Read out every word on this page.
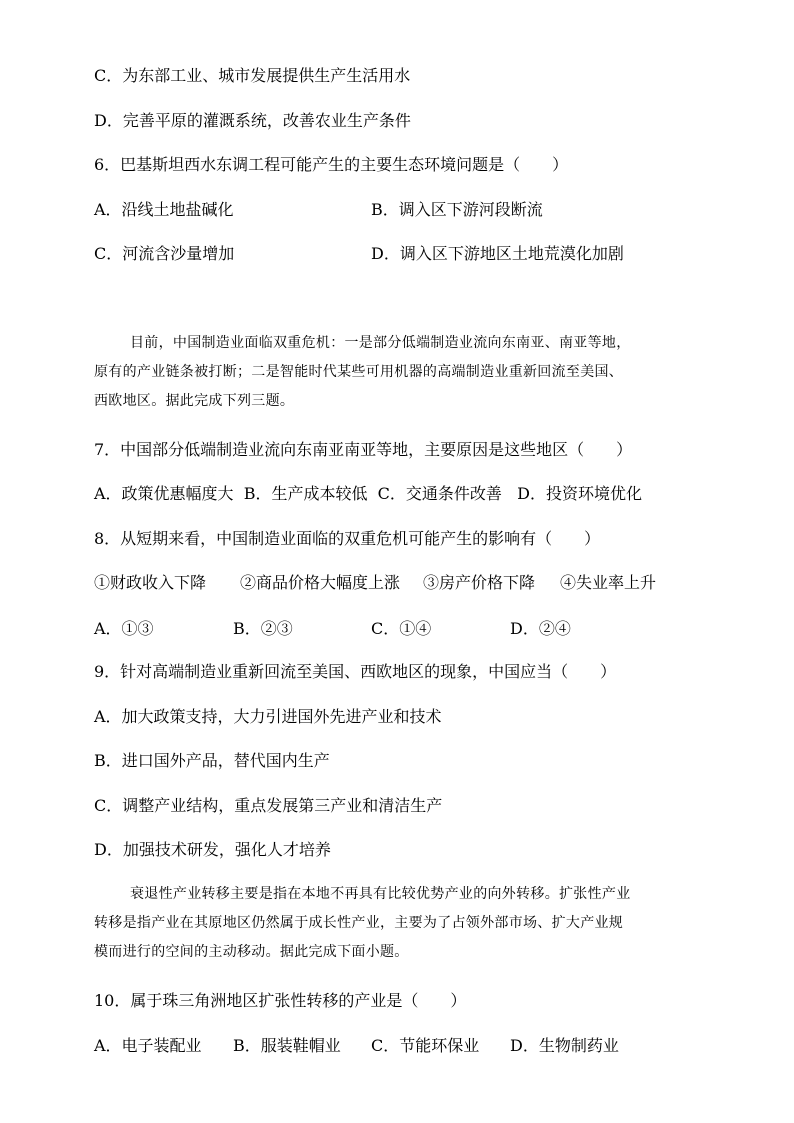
C．为东部工业、城市发展提供生产生活用水
D．完善平原的灌溉系统，改善农业生产条件
6．巴基斯坦西水东调工程可能产生的主要生态环境问题是（　　）
A．沿线土地盐碱化	B．调入区下游河段断流
C．河流含沙量增加	D．调入区下游地区土地荒漠化加剧

目前，中国制造业面临双重危机：一是部分低端制造业流向东南亚、南亚等地，

原有的产业链条被打断；二是智能时代某些可用机器的高端制造业重新回流至美国、

西欧地区。据此完成下列三题。

7．中国部分低端制造业流向东南亚南亚等地，主要原因是这些地区（　　）
A．政策优惠幅度大  B．生产成本较低  C．交通条件改善   D．投资环境优化
8．从短期来看，中国制造业面临的双重危机可能产生的影响有（　　）
①财政收入下降 ②商品价格大幅度上涨 ③房产价格下降 ④失业率上升
A．①③	B．②③	C．①④	D．②④
9．针对高端制造业重新回流至美国、西欧地区的现象，中国应当（　　）
A．加大政策支持，大力引进国外先进产业和技术
B．进口国外产品，替代国内生产
C．调整产业结构，重点发展第三产业和清洁生产
D．加强技术研发，强化人才培养

衰退性产业转移主要是指在本地不再具有比较优势产业的向外转移。扩张性产业

转移是指产业在其原地区仍然属于成长性产业，主要为了占领外部市场、扩大产业规

模而进行的空间的主动移动。据此完成下面小题。

10．属于珠三角洲地区扩张性转移的产业是（　　）
A．电子装配业 B．服装鞋帽业 C．节能环保业 D．生物制药业
